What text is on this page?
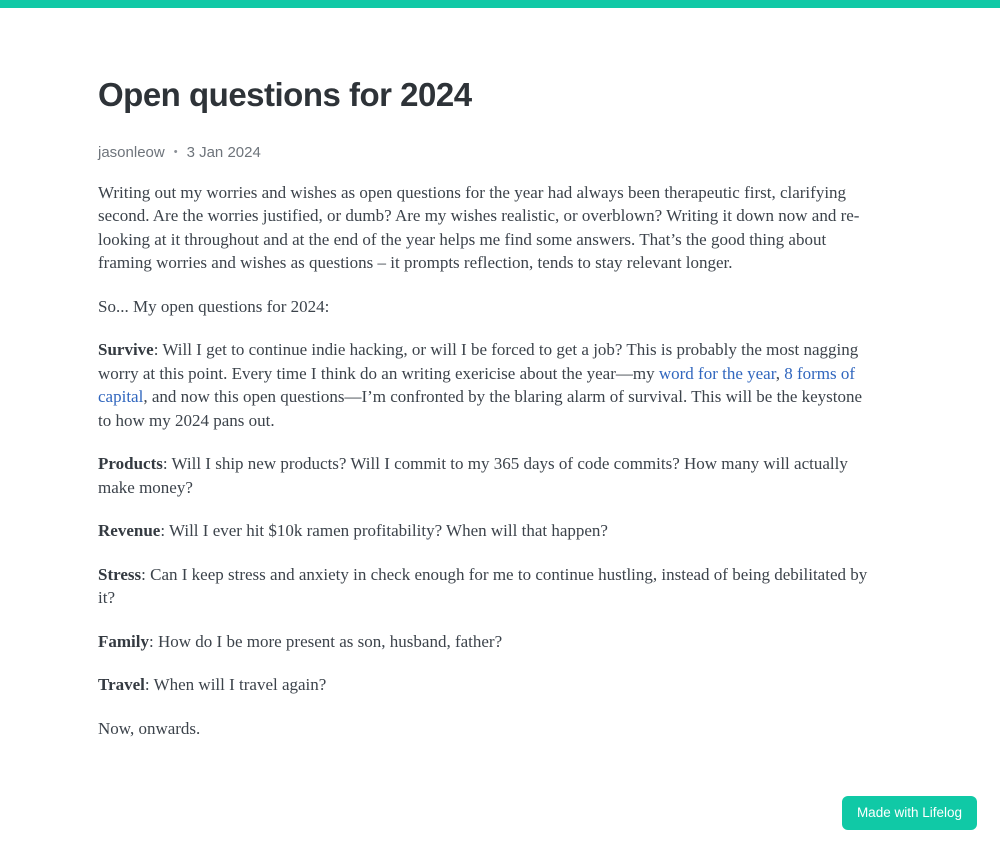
Open questions for 2024
jasonleow • 3 Jan 2024

Writing out my worries and wishes as open questions for the year had always been therapeutic first, clarifying second. Are the worries justified, or dumb? Are my wishes realistic, or overblown? Writing it down now and re-looking at it throughout and at the end of the year helps me find some answers. That’s the good thing about framing worries and wishes as questions – it prompts reflection, tends to stay relevant longer.

So... My open questions for 2024:

Survive: Will I get to continue indie hacking, or will I be forced to get a job? This is probably the most nagging worry at this point. Every time I think do an writing exericise about the year—my word for the year, 8 forms of capital, and now this open questions—I’m confronted by the blaring alarm of survival. This will be the keystone to how my 2024 pans out.

Products: Will I ship new products? Will I commit to my 365 days of code commits? How many will actually make money?

Revenue: Will I ever hit $10k ramen profitability? When will that happen?

Stress: Can I keep stress and anxiety in check enough for me to continue hustling, instead of being debilitated by it?

Family: How do I be more present as son, husband, father?

Travel: When will I travel again?

Now, onwards.

Made with Lifelog
